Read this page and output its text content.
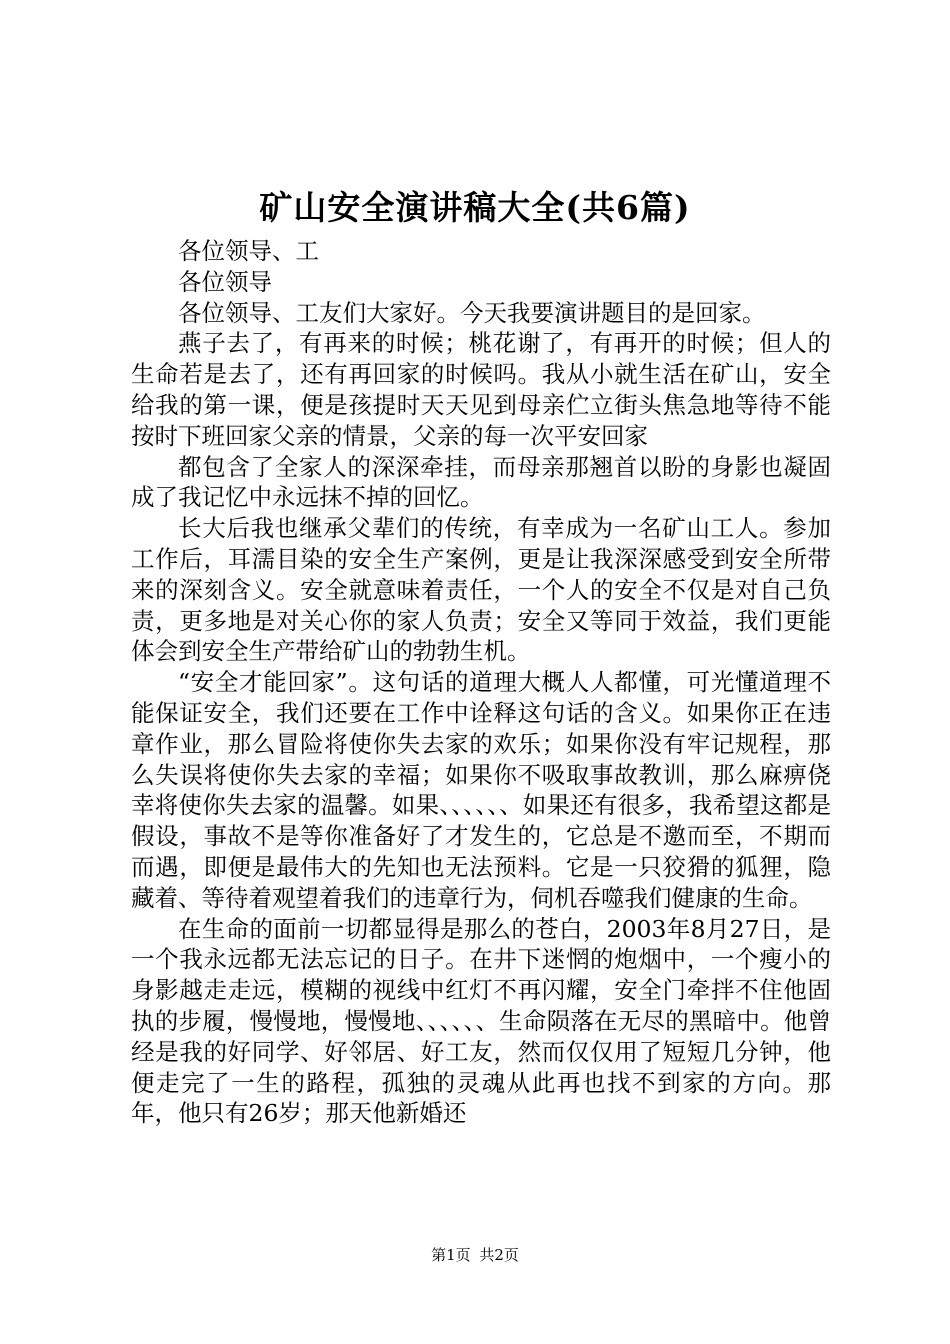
矿山安全演讲稿大全(共6篇)

各位领导、工

各位领导

各位领导、工友们大家好。今天我要演讲题目的是回家。

燕子去了，有再来的时候；桃花谢了，有再开的时候；但人的生命若是去了，还有再回家的时候吗。我从小就生活在矿山，安全给我的第一课，便是孩提时天天见到母亲伫立街头焦急地等待不能按时下班回家父亲的情景，父亲的每一次平安回家

都包含了全家人的深深牵挂，而母亲那翘首以盼的身影也凝固成了我记忆中永远抹不掉的回忆。

长大后我也继承父辈们的传统，有幸成为一名矿山工人。参加工作后，耳濡目染的安全生产案例，更是让我深深感受到安全所带来的深刻含义。安全就意味着责任，一个人的安全不仅是对自己负责，更多地是对关心你的家人负责；安全又等同于效益，我们更能体会到安全生产带给矿山的勃勃生机。

“安全才能回家”。这句话的道理大概人人都懂，可光懂道理不能保证安全，我们还要在工作中诠释这句话的含义。如果你正在违章作业，那么冒险将使你失去家的欢乐；如果你没有牢记规程，那么失误将使你失去家的幸福；如果你不吸取事故教训，那么麻痹侥幸将使你失去家的温馨。如果、、、、、、如果还有很多，我希望这都是假设，事故不是等你准备好了才发生的，它总是不邀而至，不期而而遇，即便是最伟大的先知也无法预料。它是一只狡猾的狐狸，隐藏着、等待着观望着我们的违章行为，伺机吞噬我们健康的生命。

在生命的面前一切都显得是那么的苍白，2003年8月27日，是一个我永远都无法忘记的日子。在井下迷惘的炮烟中，一个瘦小的身影越走走远，模糊的视线中红灯不再闪耀，安全门牵拌不住他固执的步履，慢慢地，慢慢地、、、、、、生命陨落在无尽的黑暗中。他曾经是我的好同学、好邻居、好工友，然而仅仅用了短短几分钟，他便走完了一生的路程，孤独的灵魂从此再也找不到家的方向。那年，他只有26岁；那天他新婚还

第1页 共2页
